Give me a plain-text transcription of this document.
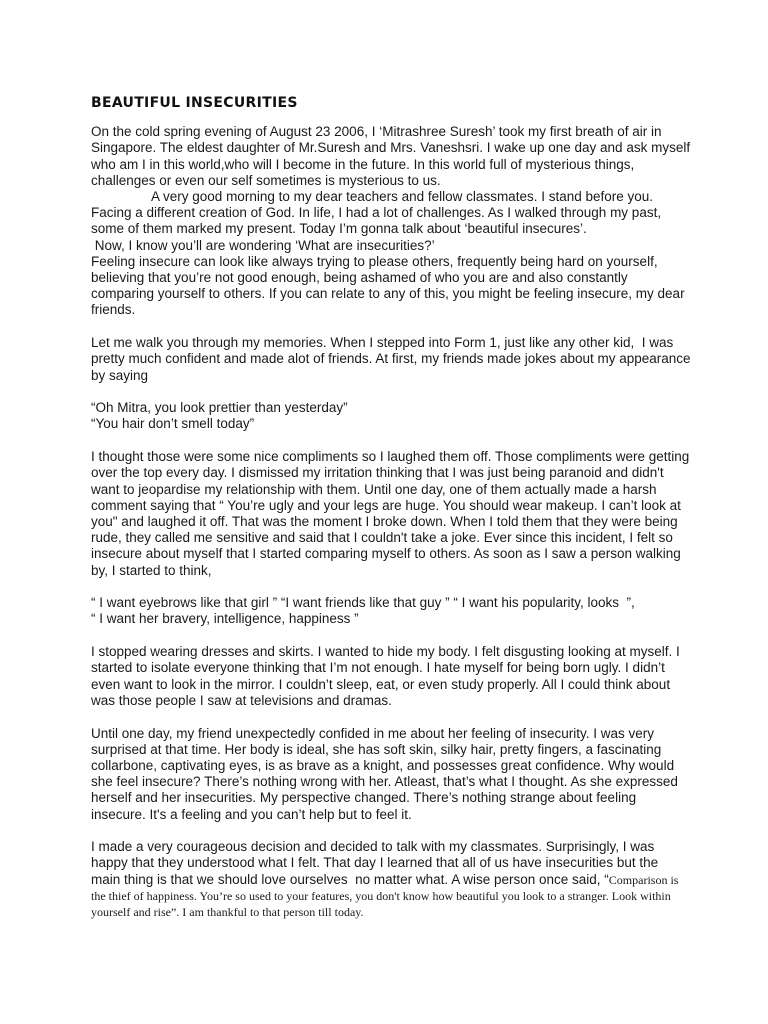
BEAUTIFUL INSECURITIES

On the cold spring evening of August 23 2006, I ‘Mitrashree Suresh’ took my first breath of air in Singapore. The eldest daughter of Mr.Suresh and Mrs. Vaneshsri. I wake up one day and ask myself who am I in this world,who will I become in the future. In this world full of mysterious things, challenges or even our self sometimes is mysterious to us.

A very good morning to my dear teachers and fellow classmates. I stand before you. Facing a different creation of God. In life, I had a lot of challenges. As I walked through my past, some of them marked my present. Today I’m gonna talk about ‘beautiful insecures’.

Now, I know you’ll are wondering ‘What are insecurities?’

Feeling insecure can look like always trying to please others, frequently being hard on yourself, believing that you’re not good enough, being ashamed of who you are and also constantly comparing yourself to others. If you can relate to any of this, you might be feeling insecure, my dear friends.

Let me walk you through my memories. When I stepped into Form 1, just like any other kid,  I was pretty much confident and made alot of friends. At first, my friends made jokes about my appearance by saying

“Oh Mitra, you look prettier than yesterday”

“You hair don’t smell today”

I thought those were some nice compliments so I laughed them off. Those compliments were getting over the top every day. I dismissed my irritation thinking that I was just being paranoid and didn't want to jeopardise my relationship with them. Until one day, one of them actually made a harsh comment saying that “ You’re ugly and your legs are huge. You should wear makeup. I can’t look at you" and laughed it off. That was the moment I broke down. When I told them that they were being rude, they called me sensitive and said that I couldn't take a joke. Ever since this incident, I felt so insecure about myself that I started comparing myself to others. As soon as I saw a person walking by, I started to think,

“ I want eyebrows like that girl ” “I want friends like that guy ” “ I want his popularity, looks  ”,

“ I want her bravery, intelligence, happiness ”

I stopped wearing dresses and skirts. I wanted to hide my body. I felt disgusting looking at myself. I started to isolate everyone thinking that I’m not enough. I hate myself for being born ugly. I didn’t even want to look in the mirror. I couldn’t sleep, eat, or even study properly. All I could think about was those people I saw at televisions and dramas.

Until one day, my friend unexpectedly confided in me about her feeling of insecurity. I was very surprised at that time. Her body is ideal, she has soft skin, silky hair, pretty fingers, a fascinating collarbone, captivating eyes, is as brave as a knight, and possesses great confidence. Why would she feel insecure? There’s nothing wrong with her. Atleast, that’s what I thought. As she expressed herself and her insecurities. My perspective changed. There’s nothing strange about feeling insecure. It's a feeling and you can’t help but to feel it.

I made a very courageous decision and decided to talk with my classmates. Surprisingly, I was happy that they understood what I felt. That day I learned that all of us have insecurities but the main thing is that we should love ourselves  no matter what. A wise person once said, “Comparison is the thief of happiness. You’re so used to your features, you don't know how beautiful you look to a stranger. Look within yourself and rise”. I am thankful to that person till today.
